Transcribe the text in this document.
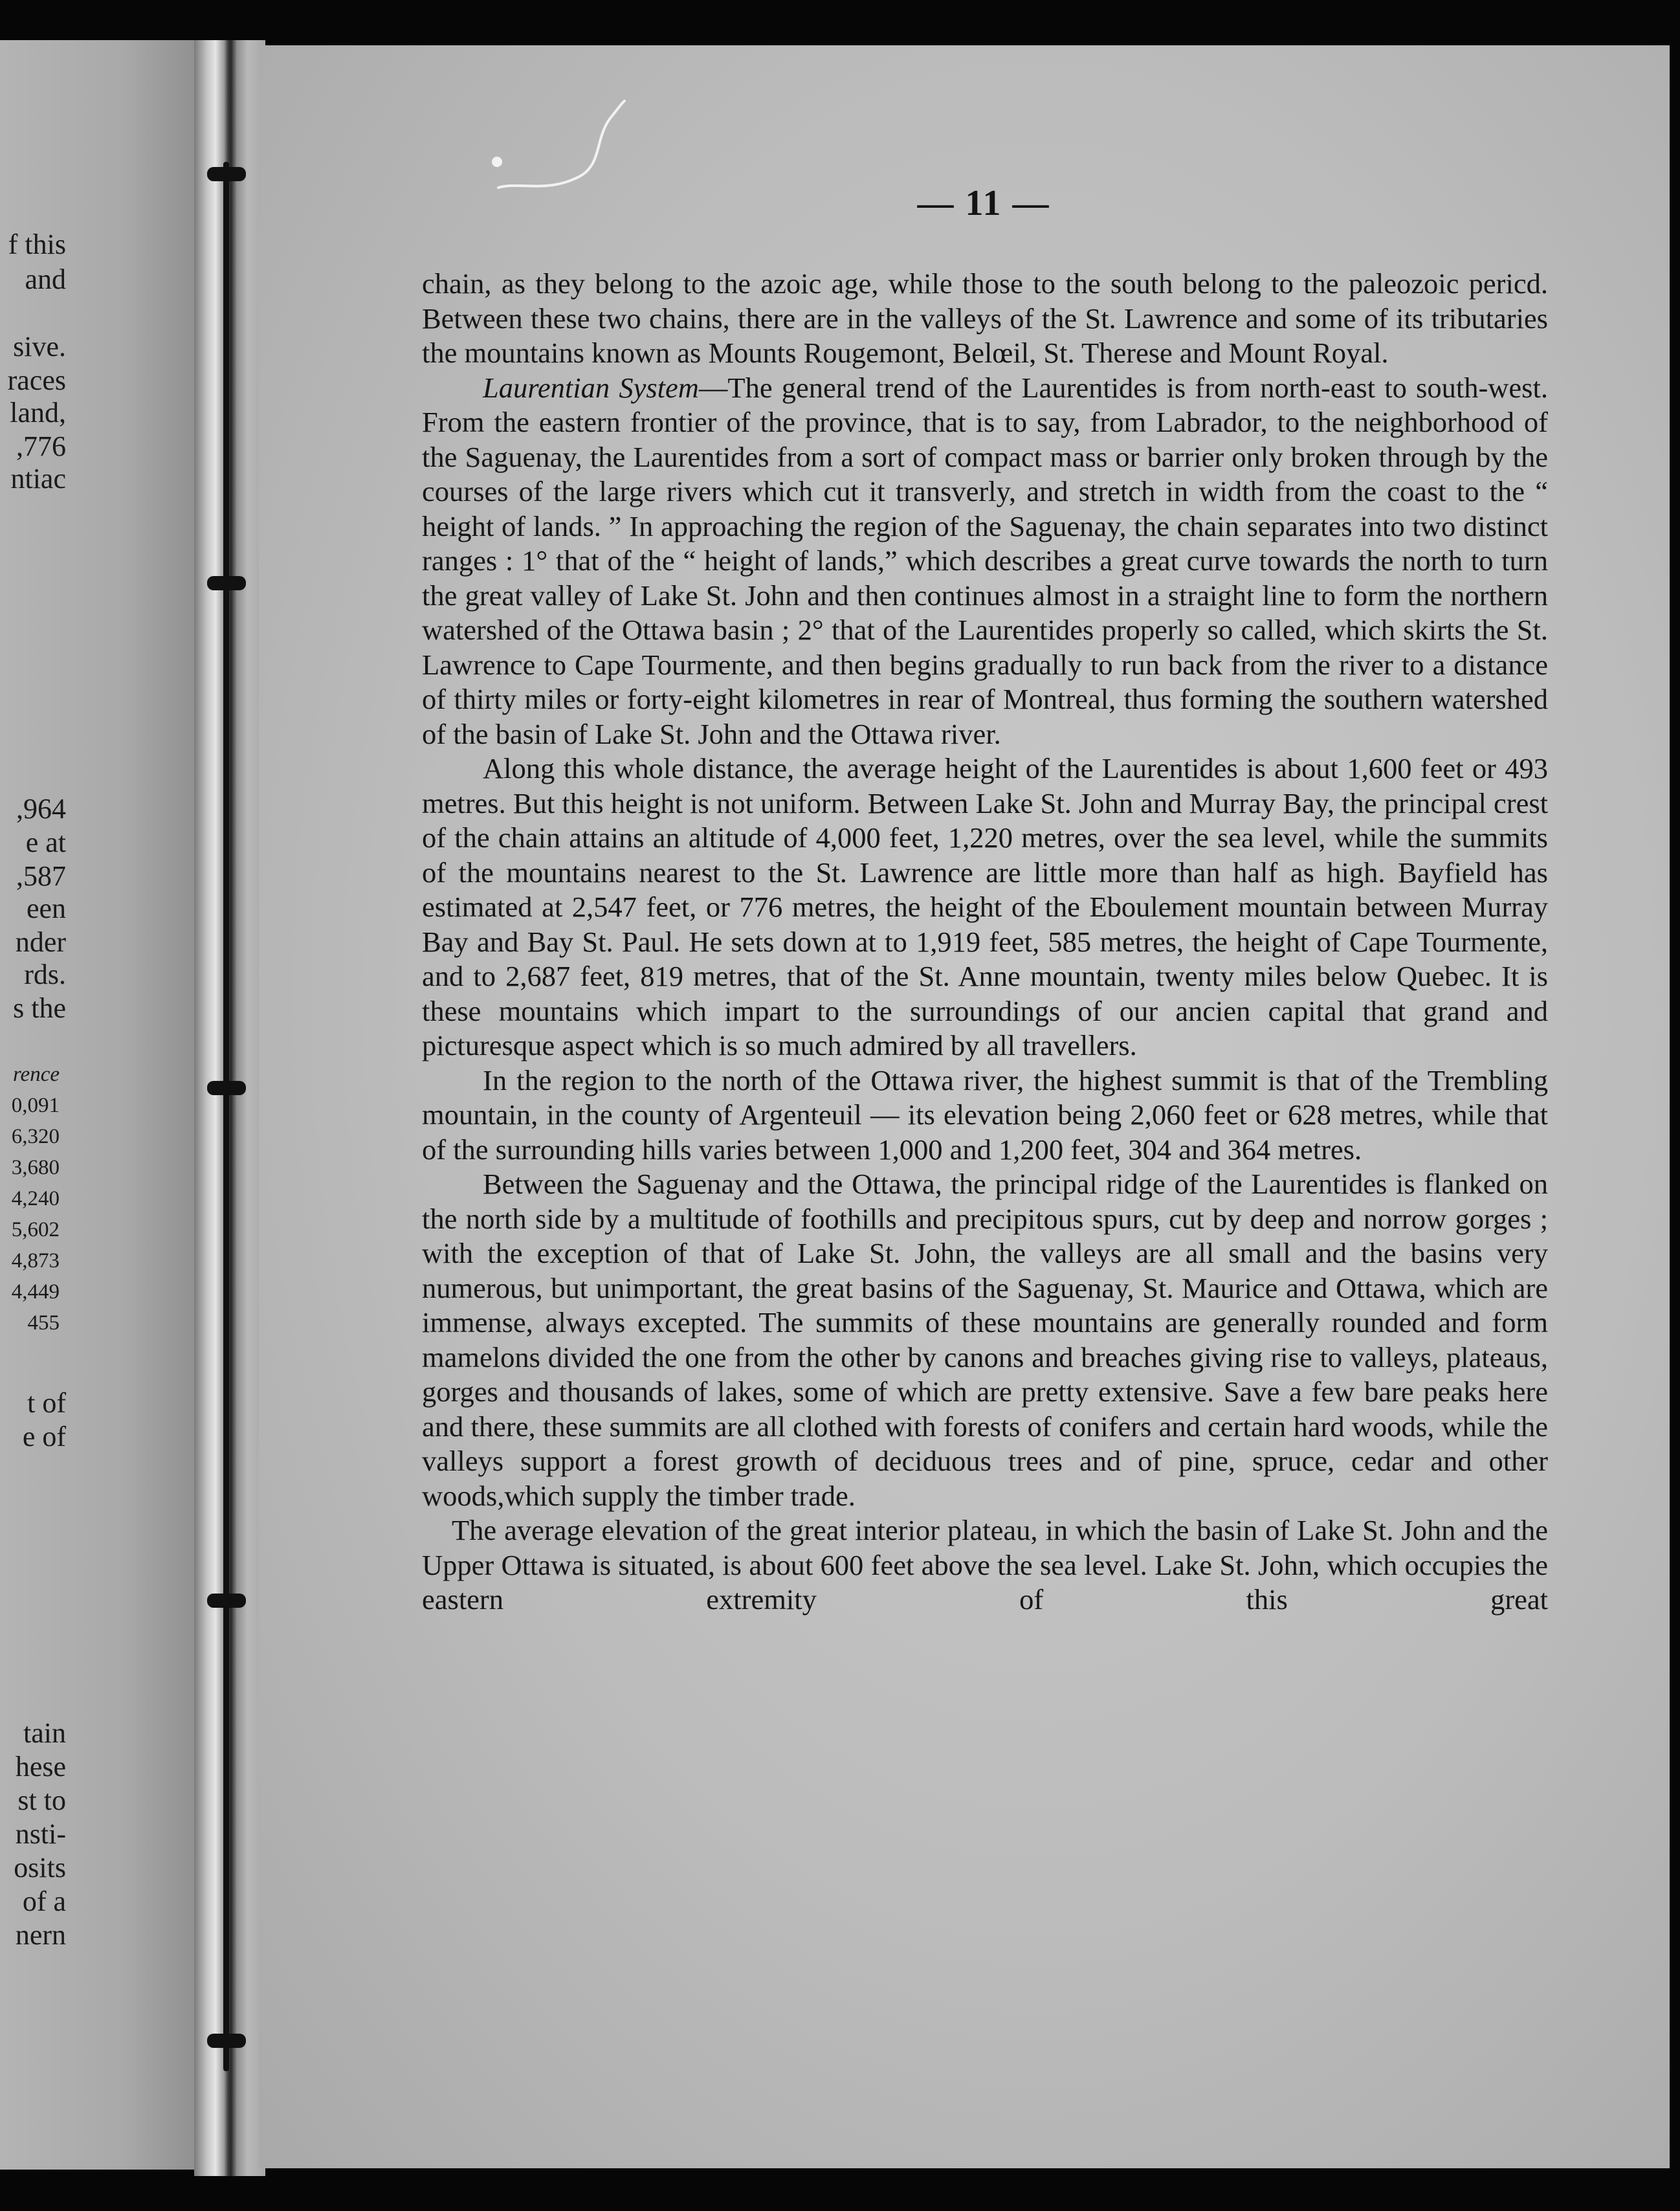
f this
and
sive.
races
land,
,776
ntiac
,964
e at
,587
een
nder
rds.
s the
rence
0,091
6,320
3,680
4,240
5,602
4,873
4,449
455
t of
e of
tain
hese
st to
nsti-
osits
of a
nern
— 11 —

chain, as they belong to the azoic age, while those to the south belong to the paleozoic pericd. Between these two chains, there are in the valleys of the St. Lawrence and some of its tributaries the mountains known as Mounts Rougemont, Belœil, St. Therese and Mount Royal.

Laurentian System—The general trend of the Laurentides is from north-east to south-west. From the eastern frontier of the province, that is to say, from Labrador, to the neighborhood of the Saguenay, the Laurentides from a sort of compact mass or barrier only broken through by the courses of the large rivers which cut it transverly, and stretch in width from the coast to the “ height of lands. ” In approaching the region of the Saguenay, the chain separates into two distinct ranges : 1° that of the “ height of lands,” which describes a great curve towards the north to turn the great valley of Lake St. John and then continues almost in a straight line to form the northern watershed of the Ottawa basin ; 2° that of the Laurentides properly so called, which skirts the St. Lawrence to Cape Tourmente, and then begins gradually to run back from the river to a distance of thirty miles or forty-eight kilometres in rear of Montreal, thus forming the southern watershed of the basin of Lake St. John and the Ottawa river.

Along this whole distance, the average height of the Laurentides is about 1,600 feet or 493 metres. But this height is not uniform. Between Lake St. John and Murray Bay, the principal crest of the chain attains an altitude of 4,000 feet, 1,220 metres, over the sea level, while the summits of the mountains nearest to the St. Lawrence are little more than half as high. Bayfield has estimated at 2,547 feet, or 776 metres, the height of the Eboulement mountain between Murray Bay and Bay St. Paul. He sets down at to 1,919 feet, 585 metres, the height of Cape Tourmente, and to 2,687 feet, 819 metres, that of the St. Anne mountain, twenty miles below Quebec. It is these mountains which impart to the surroundings of our ancien capital that grand and picturesque aspect which is so much admired by all travellers.

In the region to the north of the Ottawa river, the highest summit is that of the Trembling mountain, in the county of Argenteuil — its elevation being 2,060 feet or 628 metres, while that of the surrounding hills varies between 1,000 and 1,200 feet, 304 and 364 metres.

Between the Saguenay and the Ottawa, the principal ridge of the Laurentides is flanked on the north side by a multitude of foothills and precipitous spurs, cut by deep and norrow gorges ; with the exception of that of Lake St. John, the valleys are all small and the basins very numerous, but unimportant, the great basins of the Saguenay, St. Maurice and Ottawa, which are immense, always excepted. The summits of these mountains are generally rounded and form mamelons divided the one from the other by canons and breaches giving rise to valleys, plateaus, gorges and thousands of lakes, some of which are pretty extensive. Save a few bare peaks here and there, these summits are all clothed with forests of conifers and certain hard woods, while the valleys support a forest growth of deciduous trees and of pine, spruce, cedar and other woods,which supply the timber trade.

The average elevation of the great interior plateau, in which the basin of Lake St. John and the Upper Ottawa is situated, is about 600 feet above the sea level. Lake St. John, which occupies the eastern extremity of this great
